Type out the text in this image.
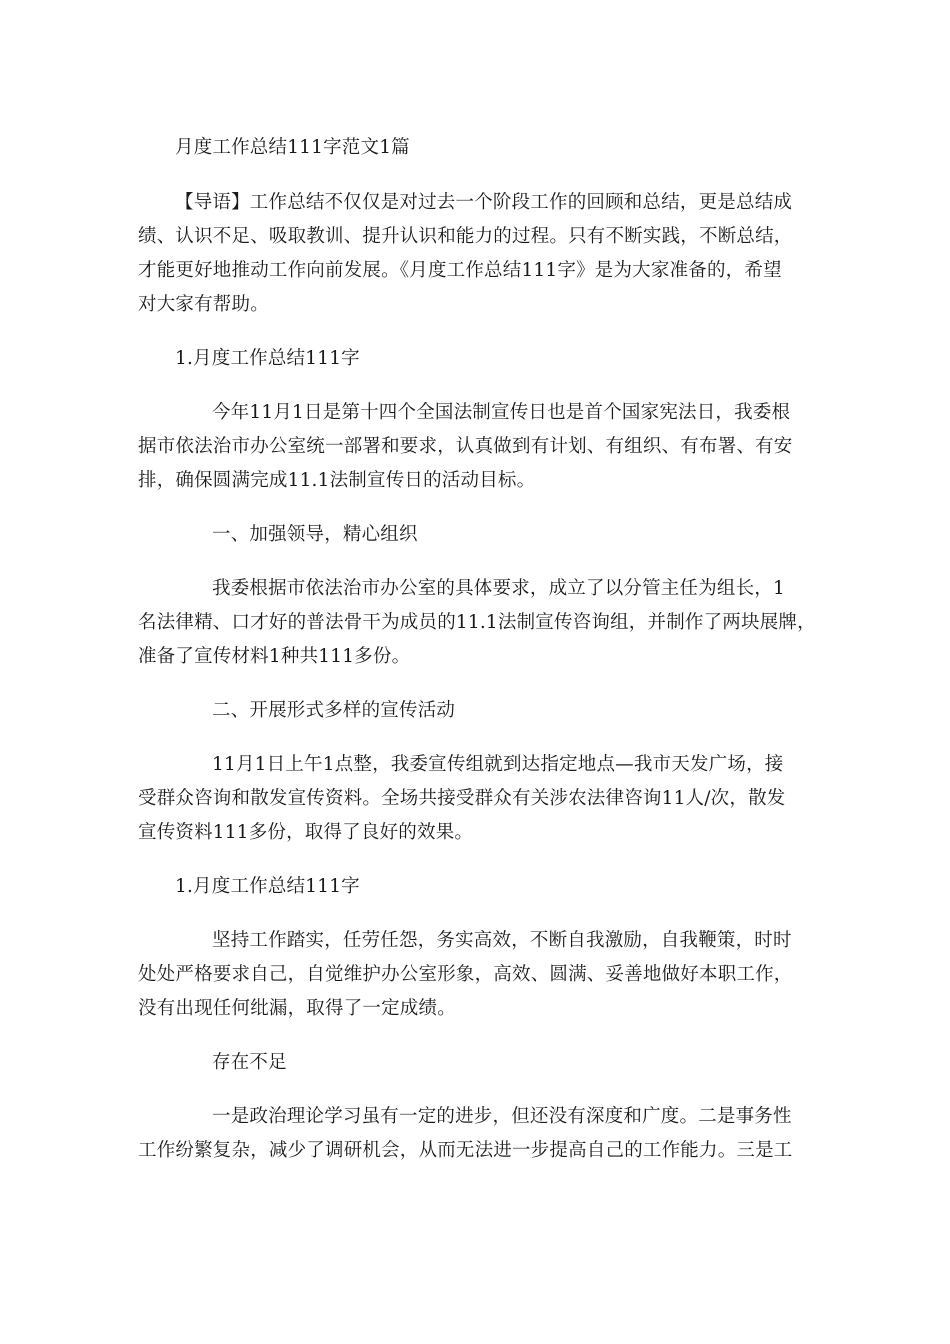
月度工作总结111字范文1篇
【导语】工作总结不仅仅是对过去一个阶段工作的回顾和总结，更是总结成
绩、认识不足、吸取教训、提升认识和能力的过程。只有不断实践，不断总结，
才能更好地推动工作向前发展。《月度工作总结111字》是为大家准备的，希望
对大家有帮助。
1.月度工作总结111字
今年11月1日是第十四个全国法制宣传日也是首个国家宪法日，我委根
据市依法治市办公室统一部署和要求，认真做到有计划、有组织、有布署、有安
排，确保圆满完成11.1法制宣传日的活动目标。
一、加强领导，精心组织
我委根据市依法治市办公室的具体要求，成立了以分管主任为组长，1
名法律精、口才好的普法骨干为成员的11.1法制宣传咨询组，并制作了两块展牌，
准备了宣传材料1种共111多份。
二、开展形式多样的宣传活动
11月1日上午1点整，我委宣传组就到达指定地点—我市天发广场，接
受群众咨询和散发宣传资料。全场共接受群众有关涉农法律咨询11人/次，散发
宣传资料111多份，取得了良好的效果。
1.月度工作总结111字
坚持工作踏实，任劳任怨，务实高效，不断自我激励，自我鞭策，时时
处处严格要求自己，自觉维护办公室形象，高效、圆满、妥善地做好本职工作，
没有出现任何纰漏，取得了一定成绩。
存在不足
一是政治理论学习虽有一定的进步，但还没有深度和广度。二是事务性
工作纷繁复杂，减少了调研机会，从而无法进一步提高自己的工作能力。三是工
